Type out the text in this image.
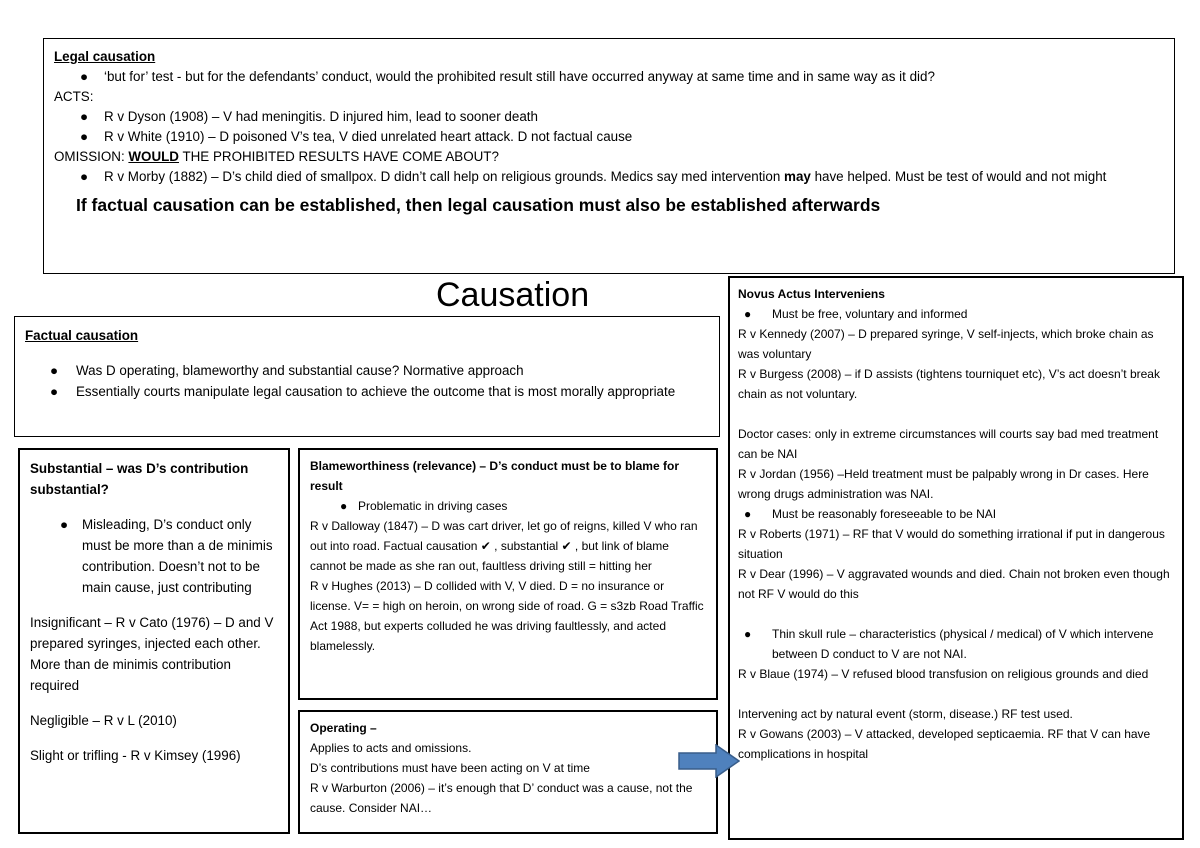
Legal causation

● ‘but for’ test - but for the defendants’ conduct, would the prohibited result still have occurred anyway at same time and in same way as it did?

ACTS:

● R v Dyson (1908) – V had meningitis. D injured him, lead to sooner death
● R v White (1910) – D poisoned V’s tea, V died unrelated heart attack. D not factual cause

OMISSION: WOULD THE PROHIBITED RESULTS HAVE COME ABOUT?

● R v Morby (1882) – D’s child died of smallpox. D didn’t call help on religious grounds. Medics say med intervention may have helped. Must be test of would and not might

If factual causation can be established, then legal causation must also be established afterwards

Causation

Factual causation

● Was D operating, blameworthy and substantial cause? Normative approach
● Essentially courts manipulate legal causation to achieve the outcome that is most morally appropriate

Substantial – was D’s contribution substantial?

● Misleading, D’s conduct only must be more than a de minimis contribution. Doesn’t not to be main cause, just contributing

Insignificant – R v Cato (1976) – D and V prepared syringes, injected each other. More than de minimis contribution required

Negligible – R v L (2010)

Slight or trifling - R v Kimsey (1996)

Blameworthiness (relevance) – D’s conduct must be to blame for result

● Problematic in driving cases

R v Dalloway (1847) – D was cart driver, let go of reigns, killed V who ran out into road. Factual causation ✔ , substantial ✔ , but link of blame cannot be made as she ran out, faultless driving still = hitting her

R v Hughes (2013) – D collided with V, V died. D = no insurance or license. V= = high on heroin, on wrong side of road. G = s3zb Road Traffic Act 1988, but experts colluded he was driving faultlessly, and acted blamelessly.

Operating –

Applies to acts and omissions.

D’s contributions must have been acting on V at time

R v Warburton (2006) – it’s enough that D’ conduct was a cause, not the cause. Consider NAI…

Novus Actus Interveniens

● Must be free, voluntary and informed

R v Kennedy (2007) – D prepared syringe, V self-injects, which broke chain as was voluntary

R v Burgess (2008) – if D assists (tightens tourniquet etc), V’s act doesn’t break chain as not voluntary.

Doctor cases: only in extreme circumstances will courts say bad med treatment can be NAI

R v Jordan (1956) –Held treatment must be palpably wrong in Dr cases. Here wrong drugs administration was NAI.

● Must be reasonably foreseeable to be NAI

R v Roberts (1971) – RF that V would do something irrational if put in dangerous situation

R v Dear (1996) – V aggravated wounds and died. Chain not broken even though not RF V would do this

● Thin skull rule – characteristics (physical / medical) of V which intervene between D conduct to V are not NAI.

R v Blaue (1974) – V refused blood transfusion on religious grounds and died

Intervening act by natural event (storm, disease.) RF test used.

R v Gowans (2003) – V attacked, developed septicaemia. RF that V can have complications in hospital
